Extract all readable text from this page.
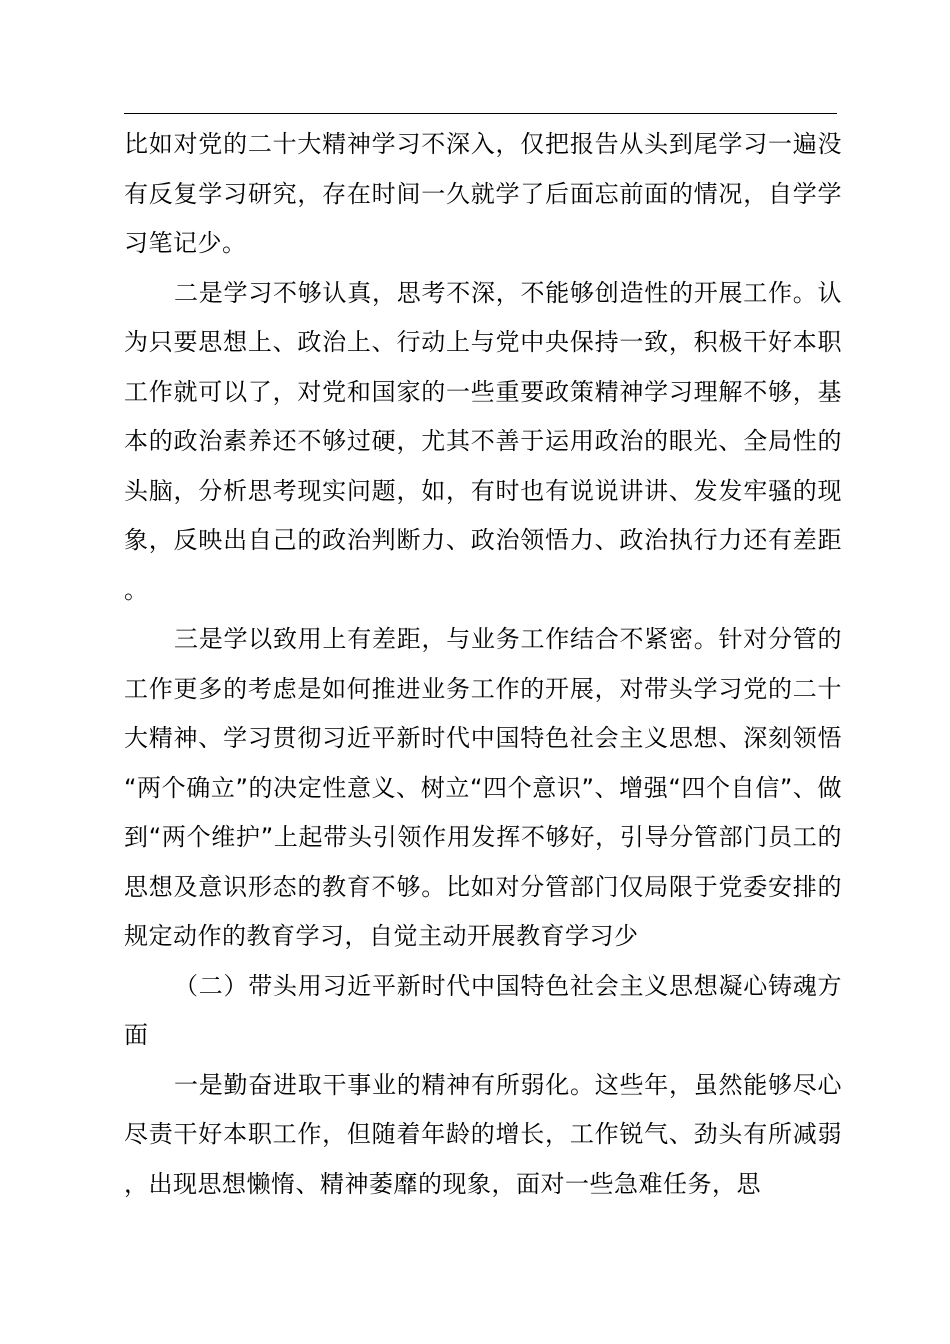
比如对党的二十大精神学习不深入，仅把报告从头到尾学习一遍没有反复学习研究，存在时间一久就学了后面忘前面的情况，自学学习笔记少。

二是学习不够认真，思考不深，不能够创造性的开展工作。认为只要思想上、政治上、行动上与党中央保持一致，积极干好本职工作就可以了，对党和国家的一些重要政策精神学习理解不够，基本的政治素养还不够过硬，尤其不善于运用政治的眼光、全局性的头脑，分析思考现实问题，如，有时也有说说讲讲、发发牢骚的现象，反映出自己的政治判断力、政治领悟力、政治执行力还有差距。

三是学以致用上有差距，与业务工作结合不紧密。针对分管的工作更多的考虑是如何推进业务工作的开展，对带头学习党的二十大精神、学习贯彻习近平新时代中国特色社会主义思想、深刻领悟“两个确立”的决定性意义、树立“四个意识”、增强“四个自信”、做到“两个维护”上起带头引领作用发挥不够好，引导分管部门员工的思想及意识形态的教育不够。比如对分管部门仅局限于党委安排的规定动作的教育学习，自觉主动开展教育学习少

（二）带头用习近平新时代中国特色社会主义思想凝心铸魂方面

一是勤奋进取干事业的精神有所弱化。这些年，虽然能够尽心尽责干好本职工作，但随着年龄的增长，工作锐气、劲头有所减弱，出现思想懒惰、精神萎靡的现象，面对一些急难任务，思
